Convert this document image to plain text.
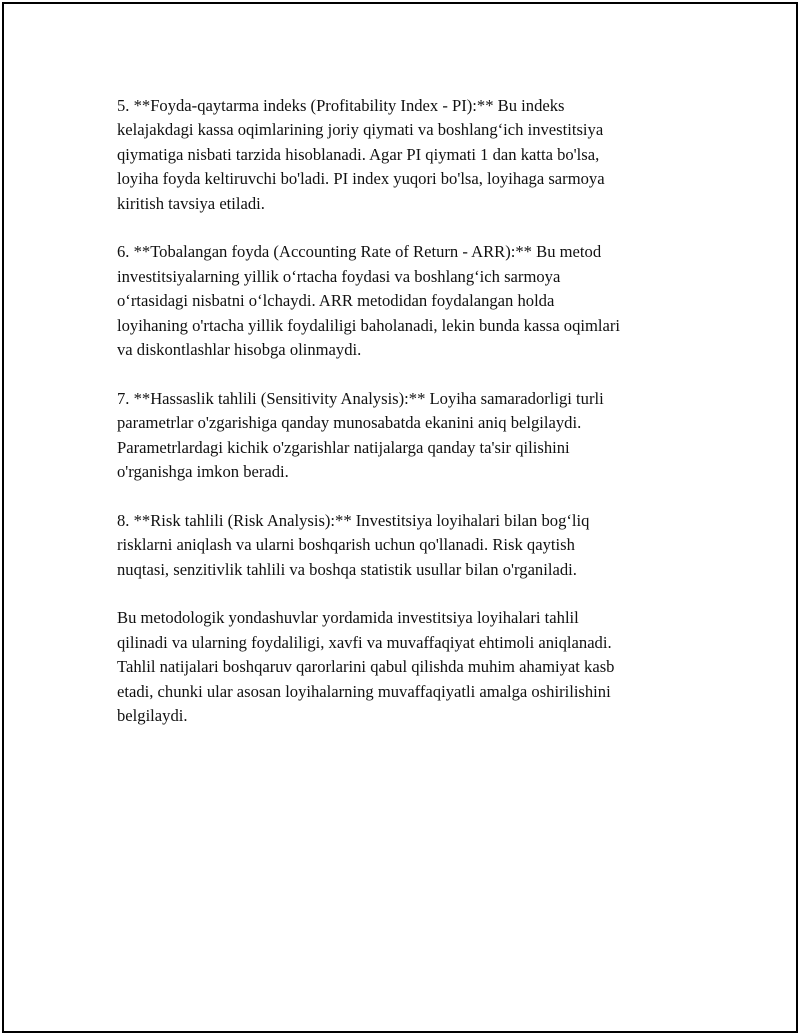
5. **Foyda-qaytarma indeks (Profitability Index - PI):** Bu indeks
kelajakdagi kassa oqimlarining joriy qiymati va boshlang‘ich investitsiya
qiymatiga nisbati tarzida hisoblanadi. Agar PI qiymati 1 dan katta bo'lsa,
loyiha foyda keltiruvchi bo'ladi. PI index yuqori bo'lsa, loyihaga sarmoya
kiritish tavsiya etiladi.

6. **Tobalangan foyda (Accounting Rate of Return - ARR):** Bu metod
investitsiyalarning yillik o‘rtacha foydasi va boshlang‘ich sarmoya
o‘rtasidagi nisbatni o‘lchaydi. ARR metodidan foydalangan holda
loyihaning o'rtacha yillik foydaliligi baholanadi, lekin bunda kassa oqimlari
va diskontlashlar hisobga olinmaydi.

7. **Hassaslik tahlili (Sensitivity Analysis):** Loyiha samaradorligi turli
parametrlar o'zgarishiga qanday munosabatda ekanini aniq belgilaydi.
Parametrlardagi kichik o'zgarishlar natijalarga qanday ta'sir qilishini
o'rganishga imkon beradi.

8. **Risk tahlili (Risk Analysis):** Investitsiya loyihalari bilan bog‘liq
risklarni aniqlash va ularni boshqarish uchun qo'llanadi. Risk qaytish
nuqtasi, senzitivlik tahlili va boshqa statistik usullar bilan o'rganiladi.

Bu metodologik yondashuvlar yordamida investitsiya loyihalari tahlil
qilinadi va ularning foydaliligi, xavfi va muvaffaqiyat ehtimoli aniqlanadi.
Tahlil natijalari boshqaruv qarorlarini qabul qilishda muhim ahamiyat kasb
etadi, chunki ular asosan loyihalarning muvaffaqiyatli amalga oshirilishini
belgilaydi.
